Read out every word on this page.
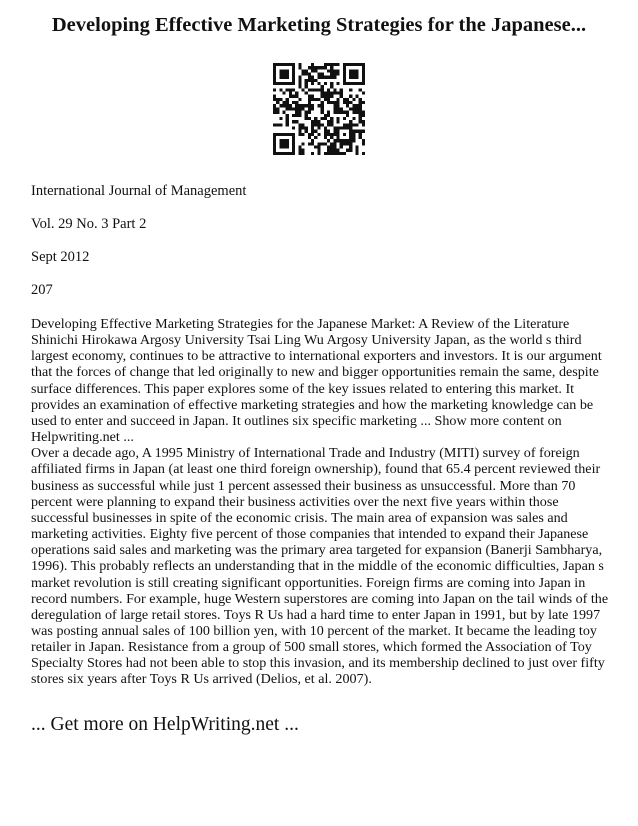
Developing Effective Marketing Strategies for the Japanese...
International Journal of Management
Vol. 29 No. 3 Part 2
Sept 2012
207

Developing Effective Marketing Strategies for the Japanese Market: A Review of the Literature Shinichi Hirokawa Argosy University Tsai Ling Wu Argosy University Japan, as the world s third largest economy, continues to be attractive to international exporters and investors. It is our argument that the forces of change that led originally to new and bigger opportunities remain the same, despite surface differences. This paper explores some of the key issues related to entering this market. It provides an examination of effective marketing strategies and how the marketing knowledge can be used to enter and succeed in Japan. It outlines six specific marketing ... Show more content on Helpwriting.net ...

Over a decade ago, A 1995 Ministry of International Trade and Industry (MITI) survey of foreign affiliated firms in Japan (at least one third foreign ownership), found that 65.4 percent reviewed their business as successful while just 1 percent assessed their business as unsuccessful. More than 70 percent were planning to expand their business activities over the next five years within those successful businesses in spite of the economic crisis. The main area of expansion was sales and marketing activities. Eighty five percent of those companies that intended to expand their Japanese operations said sales and marketing was the primary area targeted for expansion (Banerji Sambharya, 1996). This probably reflects an understanding that in the middle of the economic difficulties, Japan s market revolution is still creating significant opportunities. Foreign firms are coming into Japan in record numbers. For example, huge Western superstores are coming into Japan on the tail winds of the deregulation of large retail stores. Toys R Us had a hard time to enter Japan in 1991, but by late 1997 was posting annual sales of 100 billion yen, with 10 percent of the market. It became the leading toy retailer in Japan. Resistance from a group of 500 small stores, which formed the Association of Toy Specialty Stores had not been able to stop this invasion, and its membership declined to just over fifty stores six years after Toys R Us arrived (Delios, et al. 2007).

... Get more on HelpWriting.net ...
